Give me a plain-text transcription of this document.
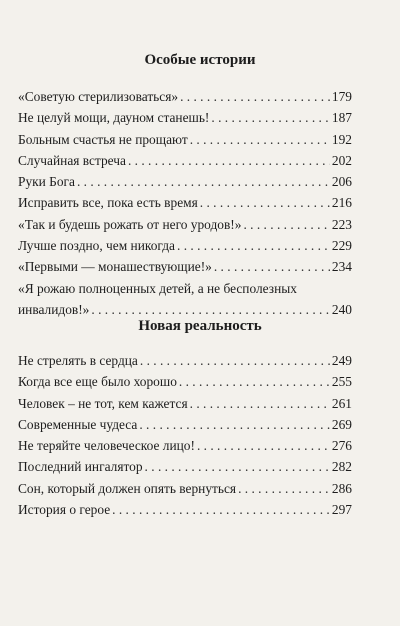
Особые истории
«Советую стерилизоваться» . . .	179
Не целуй мощи, дауном станешь! . . .	187
Больным счастья не прощают . . .	192
Случайная встреча . . .	202
Руки Бога . . .	206
Исправить все, пока есть время . . .	216
«Так и будешь рожать от него уродов!» . . .	223
Лучше поздно, чем никогда . . .	229
«Первыми — монашествующие!» . . .	234
«Я рожаю полноценных детей, а не бесполезных
инвалидов!» . . .	240
Новая реальность
Не стрелять в сердца . . .	249
Когда все еще было хорошо . . .	255
Человек – не тот, кем кажется . . .	261
Современные чудеса . . .	269
Не теряйте человеческое лицо! . . .	276
Последний ингалятор . . .	282
Сон, который должен опять вернуться . . .	286
История о герое . . .	297
